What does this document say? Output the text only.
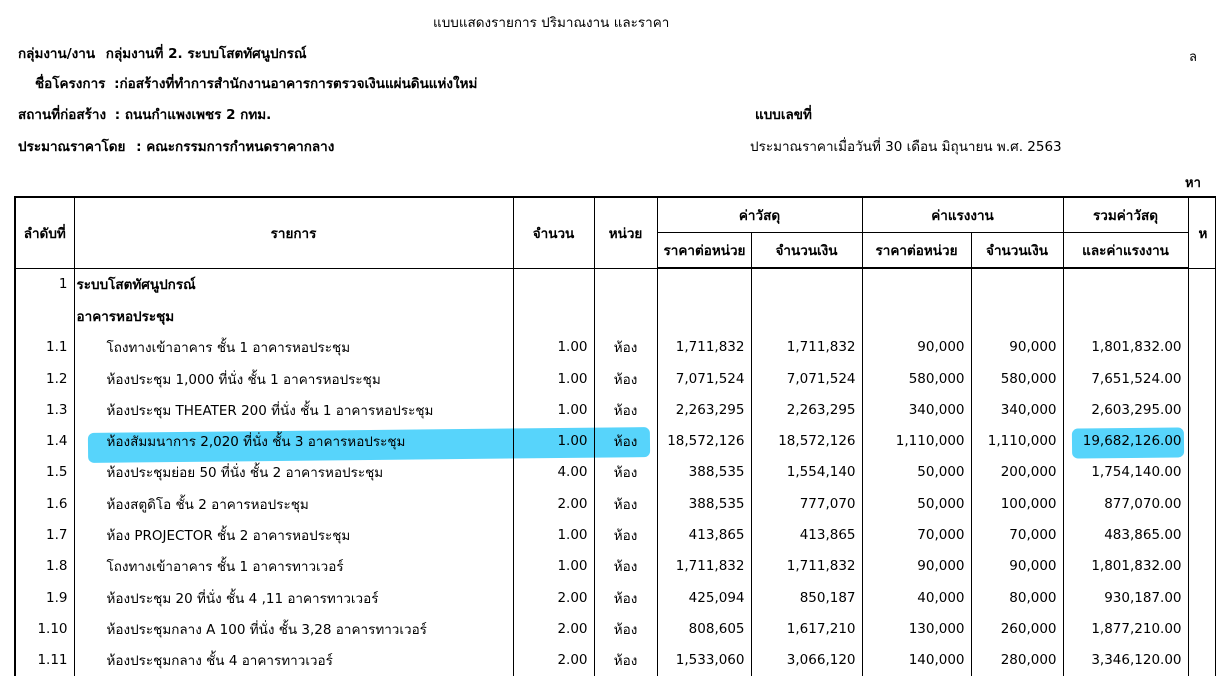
แบบแสดงรายการ ปริมาณงาน และราคา
ล
กลุ่มงาน/งาน กลุ่มงานที่ 2. ระบบโสตทัศนูปกรณ์
ชื่อโครงการ :ก่อสร้างที่ทำการสำนักงานอาคารการตรวจเงินแผ่นดินแห่งใหม่
สถานที่ก่อสร้าง : ถนนกำแพงเพชร 2 กทม.	แบบเลขที่
ประมาณราคาโดย : คณะกรรมการกำหนดราคากลาง	ประมาณราคาเมื่อวันที่ 30 เดือน มิถุนายน พ.ศ. 2563
หา
ลำดับที่	รายการ	จำนวน	หน่วย	ค่าวัสดุ		ค่าแรงงาน		รวมค่าวัสดุ	ห
				ราคาต่อหน่วย	จำนวนเงิน	ราคาต่อหน่วย	จำนวนเงิน	และค่าแรงงาน	
1	ระบบโสตทัศนูปกรณ์								
	อาคารหอประชุม								
1.1	โถงทางเข้าอาคาร ชั้น 1 อาคารหอประชุม	1.00	ห้อง	1,711,832	1,711,832	90,000	90,000	1,801,832.00	
1.2	ห้องประชุม 1,000 ที่นั่ง ชั้น 1 อาคารหอประชุม	1.00	ห้อง	7,071,524	7,071,524	580,000	580,000	7,651,524.00	
1.3	ห้องประชุม THEATER 200 ที่นั่ง ชั้น 1 อาคารหอประชุม	1.00	ห้อง	2,263,295	2,263,295	340,000	340,000	2,603,295.00	
1.4	ห้องสัมมนาการ 2,020 ที่นั่ง ชั้น 3 อาคารหอประชุม	1.00	ห้อง	18,572,126	18,572,126	1,110,000	1,110,000	19,682,126.00	
1.5	ห้องประชุมย่อย 50 ที่นั่ง ชั้น 2 อาคารหอประชุม	4.00	ห้อง	388,535	1,554,140	50,000	200,000	1,754,140.00	
1.6	ห้องสตูดิโอ ชั้น 2 อาคารหอประชุม	2.00	ห้อง	388,535	777,070	50,000	100,000	877,070.00	
1.7	ห้อง PROJECTOR ชั้น 2 อาคารหอประชุม	1.00	ห้อง	413,865	413,865	70,000	70,000	483,865.00	
1.8	โถงทางเข้าอาคาร ชั้น 1 อาคารทาวเวอร์	1.00	ห้อง	1,711,832	1,711,832	90,000	90,000	1,801,832.00	
1.9	ห้องประชุม 20 ที่นั่ง ชั้น 4 ,11 อาคารทาวเวอร์	2.00	ห้อง	425,094	850,187	40,000	80,000	930,187.00	
1.10	ห้องประชุมกลาง A 100 ที่นั่ง ชั้น 3,28 อาคารทาวเวอร์	2.00	ห้อง	808,605	1,617,210	130,000	260,000	1,877,210.00	
1.11	ห้องประชุมกลาง ชั้น 4 อาคารทาวเวอร์	2.00	ห้อง	1,533,060	3,066,120	140,000	280,000	3,346,120.00	
